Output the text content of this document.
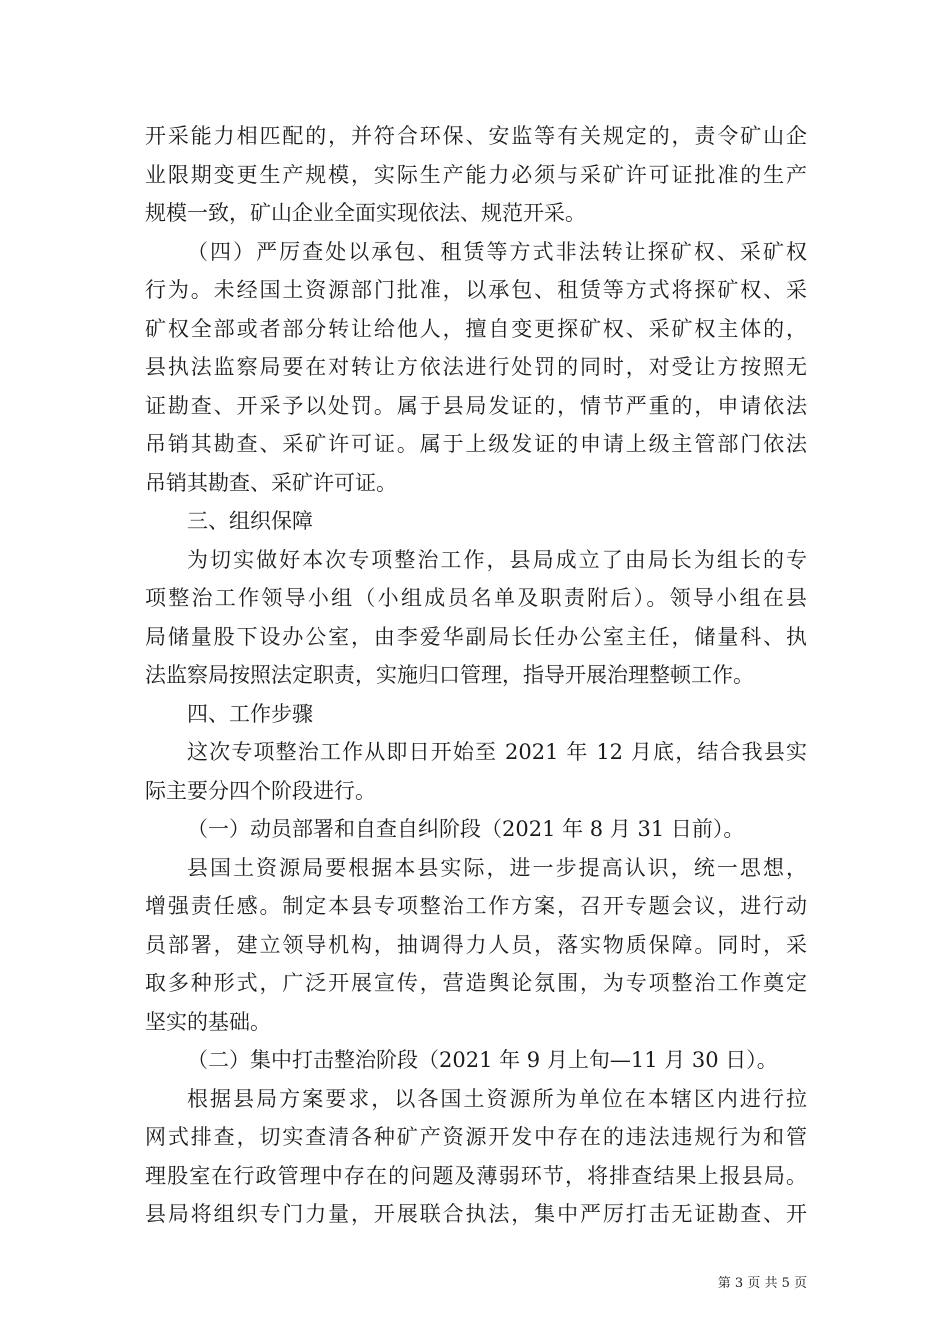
开采能力相匹配的，并符合环保、安监等有关规定的，责令矿山企
业限期变更生产规模，实际生产能力必须与采矿许可证批准的生产
规模一致，矿山企业全面实现依法、规范开采。
（四）严厉查处以承包、租赁等方式非法转让探矿权、采矿权
行为。未经国土资源部门批准，以承包、租赁等方式将探矿权、采
矿权全部或者部分转让给他人，擅自变更探矿权、采矿权主体的，
县执法监察局要在对转让方依法进行处罚的同时，对受让方按照无
证勘查、开采予以处罚。属于县局发证的，情节严重的，申请依法
吊销其勘查、采矿许可证。属于上级发证的申请上级主管部门依法
吊销其勘查、采矿许可证。
三、组织保障
为切实做好本次专项整治工作，县局成立了由局长为组长的专
项整治工作领导小组（小组成员名单及职责附后）。领导小组在县
局储量股下设办公室，由李爱华副局长任办公室主任，储量科、执
法监察局按照法定职责，实施归口管理，指导开展治理整顿工作。
四、工作步骤
这次专项整治工作从即日开始至 2021 年 12 月底，结合我县实
际主要分四个阶段进行。
（一）动员部署和自查自纠阶段（2021 年 8 月 31 日前）。
县国土资源局要根据本县实际，进一步提高认识，统一思想，
增强责任感。制定本县专项整治工作方案，召开专题会议，进行动
员部署，建立领导机构，抽调得力人员，落实物质保障。同时，采
取多种形式，广泛开展宣传，营造舆论氛围，为专项整治工作奠定
坚实的基础。
（二）集中打击整治阶段（2021 年 9 月上旬—11 月 30 日）。
根据县局方案要求，以各国土资源所为单位在本辖区内进行拉
网式排查，切实查清各种矿产资源开发中存在的违法违规行为和管
理股室在行政管理中存在的问题及薄弱环节，将排查结果上报县局。
县局将组织专门力量，开展联合执法，集中严厉打击无证勘查、开
第 3 页 共 5 页
